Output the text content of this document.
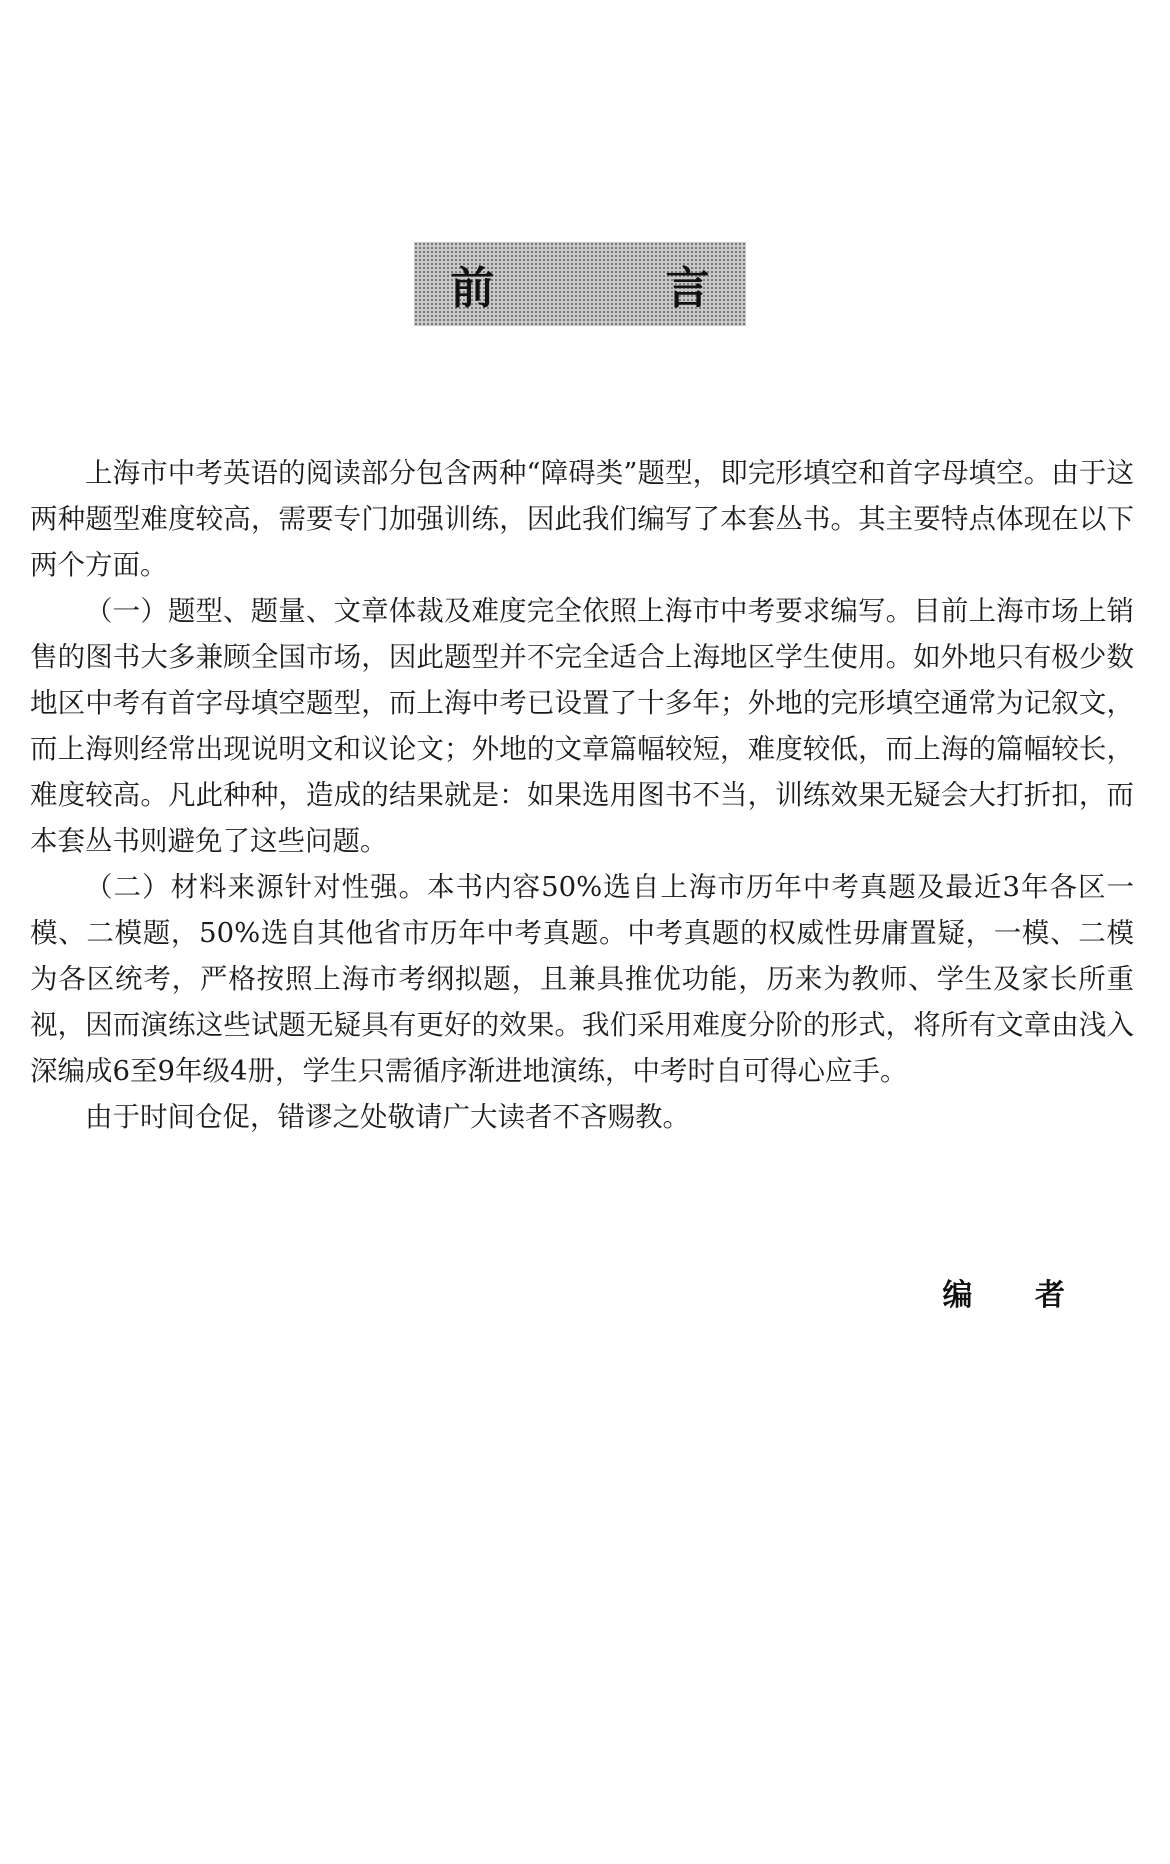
前 言

上海市中考英语的阅读部分包含两种“障碍类”题型，即完形填空和首字母填空。由于这两种题型难度较高，需要专门加强训练，因此我们编写了本套丛书。其主要特点体现在以下两个方面。

（一）题型、题量、文章体裁及难度完全依照上海市中考要求编写。目前上海市场上销售的图书大多兼顾全国市场，因此题型并不完全适合上海地区学生使用。如外地只有极少数地区中考有首字母填空题型，而上海中考已设置了十多年；外地的完形填空通常为记叙文，而上海则经常出现说明文和议论文；外地的文章篇幅较短，难度较低，而上海的篇幅较长，难度较高。凡此种种，造成的结果就是：如果选用图书不当，训练效果无疑会大打折扣，而本套丛书则避免了这些问题。

（二）材料来源针对性强。本书内容50%选自上海市历年中考真题及最近3年各区一模、二模题，50%选自其他省市历年中考真题。中考真题的权威性毋庸置疑，一模、二模为各区统考，严格按照上海市考纲拟题，且兼具推优功能，历来为教师、学生及家长所重视，因而演练这些试题无疑具有更好的效果。我们采用难度分阶的形式，将所有文章由浅入深编成6至9年级4册，学生只需循序渐进地演练，中考时自可得心应手。

由于时间仓促，错谬之处敬请广大读者不吝赐教。

编 者
